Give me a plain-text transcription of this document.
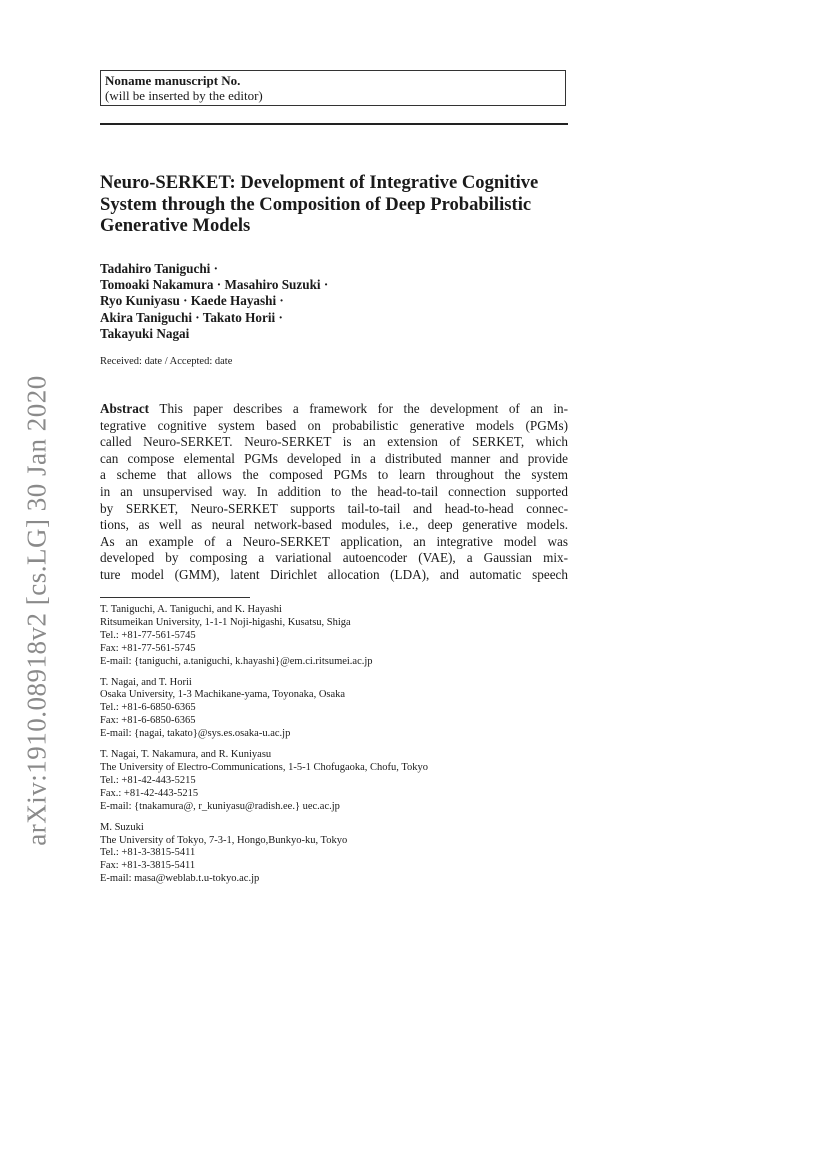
arXiv:1910.08918v2 [cs.LG] 30 Jan 2020
Noname manuscript No.
(will be inserted by the editor)
Neuro-SERKET: Development of Integrative Cognitive System through the Composition of Deep Probabilistic Generative Models
Tadahiro Taniguchi ·
Tomoaki Nakamura · Masahiro Suzuki ·
Ryo Kuniyasu · Kaede Hayashi ·
Akira Taniguchi · Takato Horii ·
Takayuki Nagai
Received: date / Accepted: date
Abstract This paper describes a framework for the development of an in-
tegrative cognitive system based on probabilistic generative models (PGMs)
called Neuro-SERKET. Neuro-SERKET is an extension of SERKET, which
can compose elemental PGMs developed in a distributed manner and provide
a scheme that allows the composed PGMs to learn throughout the system
in an unsupervised way. In addition to the head-to-tail connection supported
by SERKET, Neuro-SERKET supports tail-to-tail and head-to-head connec-
tions, as well as neural network-based modules, i.e., deep generative models.
As an example of a Neuro-SERKET application, an integrative model was
developed by composing a variational autoencoder (VAE), a Gaussian mix-
ture model (GMM), latent Dirichlet allocation (LDA), and automatic speech
T. Taniguchi, A. Taniguchi, and K. Hayashi
Ritsumeikan University, 1-1-1 Noji-higashi, Kusatsu, Shiga
Tel.: +81-77-561-5745
Fax: +81-77-561-5745
E-mail: {taniguchi, a.taniguchi, k.hayashi}@em.ci.ritsumei.ac.jp
T. Nagai, and T. Horii
Osaka University, 1-3 Machikane-yama, Toyonaka, Osaka
Tel.: +81-6-6850-6365
Fax: +81-6-6850-6365
E-mail: {nagai, takato}@sys.es.osaka-u.ac.jp
T. Nagai, T. Nakamura, and R. Kuniyasu
The University of Electro-Communications, 1-5-1 Chofugaoka, Chofu, Tokyo
Tel.: +81-42-443-5215
Fax.: +81-42-443-5215
E-mail: {tnakamura@, r_kuniyasu@radish.ee.} uec.ac.jp
M. Suzuki
The University of Tokyo, 7-3-1, Hongo,Bunkyo-ku, Tokyo
Tel.: +81-3-3815-5411
Fax: +81-3-3815-5411
E-mail: masa@weblab.t.u-tokyo.ac.jp
